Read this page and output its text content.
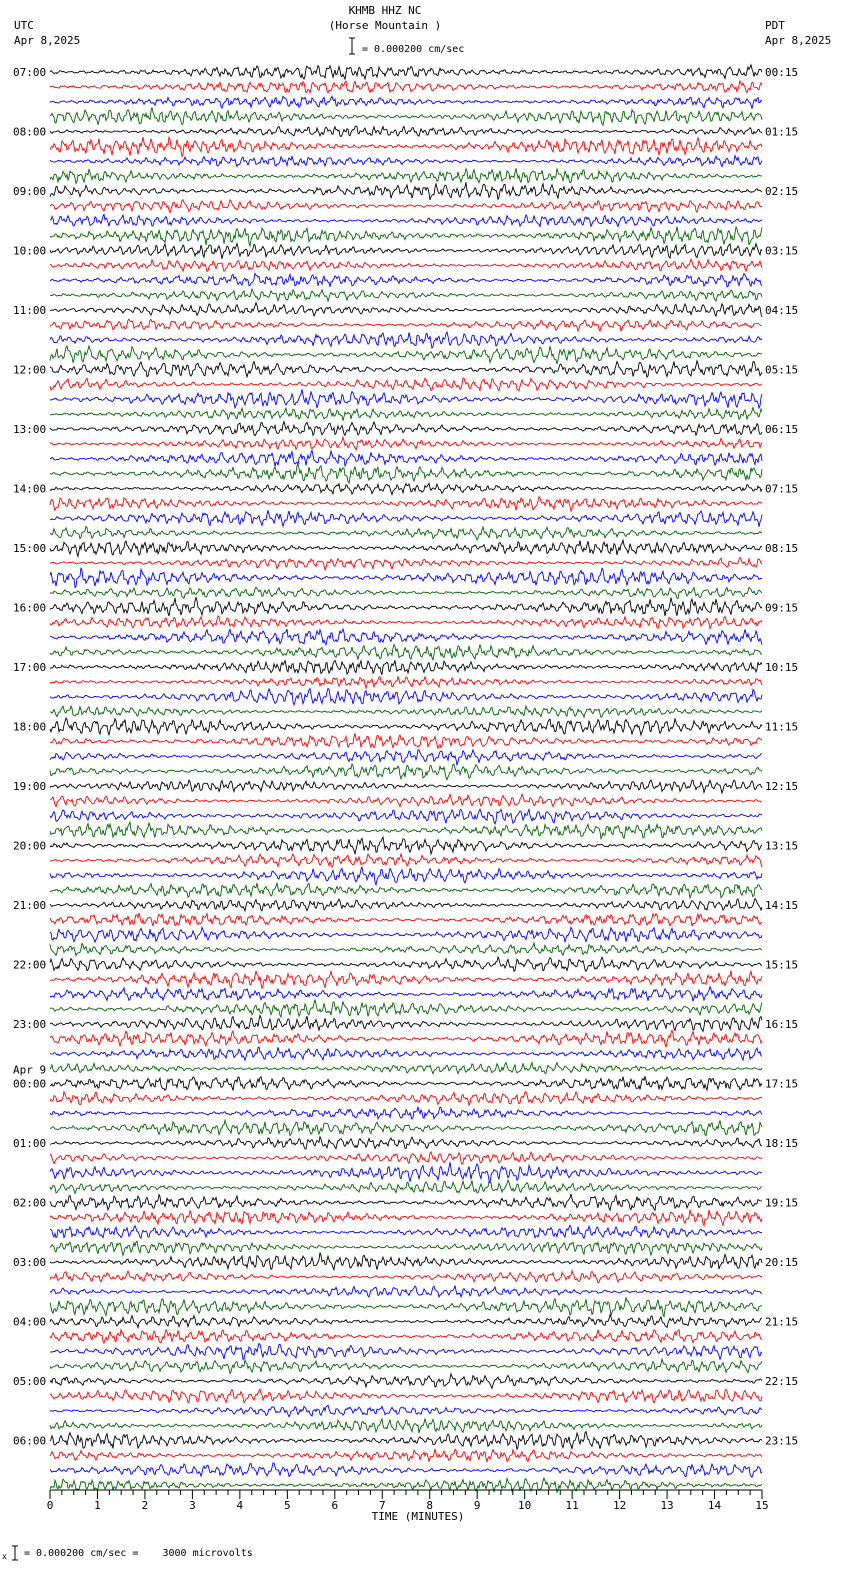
KHMB HHZ NC
(Horse Mountain )
UTC
Apr 8,2025
PDT
Apr 8,2025
= 0.000200 cm/sec
= 0.000200 cm/sec =    3000 microvolts
x
07:00
08:00
09:00
10:00
11:00
12:00
13:00
14:00
15:00
16:00
17:00
18:00
19:00
20:00
21:00
22:00
23:00
00:00
Apr 9
01:00
02:00
03:00
04:00
05:00
06:00
00:15
01:15
02:15
03:15
04:15
05:15
06:15
07:15
08:15
09:15
10:15
11:15
12:15
13:15
14:15
15:15
16:15
17:15
18:15
19:15
20:15
21:15
22:15
23:15
0	1	2	3	4	5	6	7	8	9	10	11	12	13	14	15
TIME (MINUTES)
